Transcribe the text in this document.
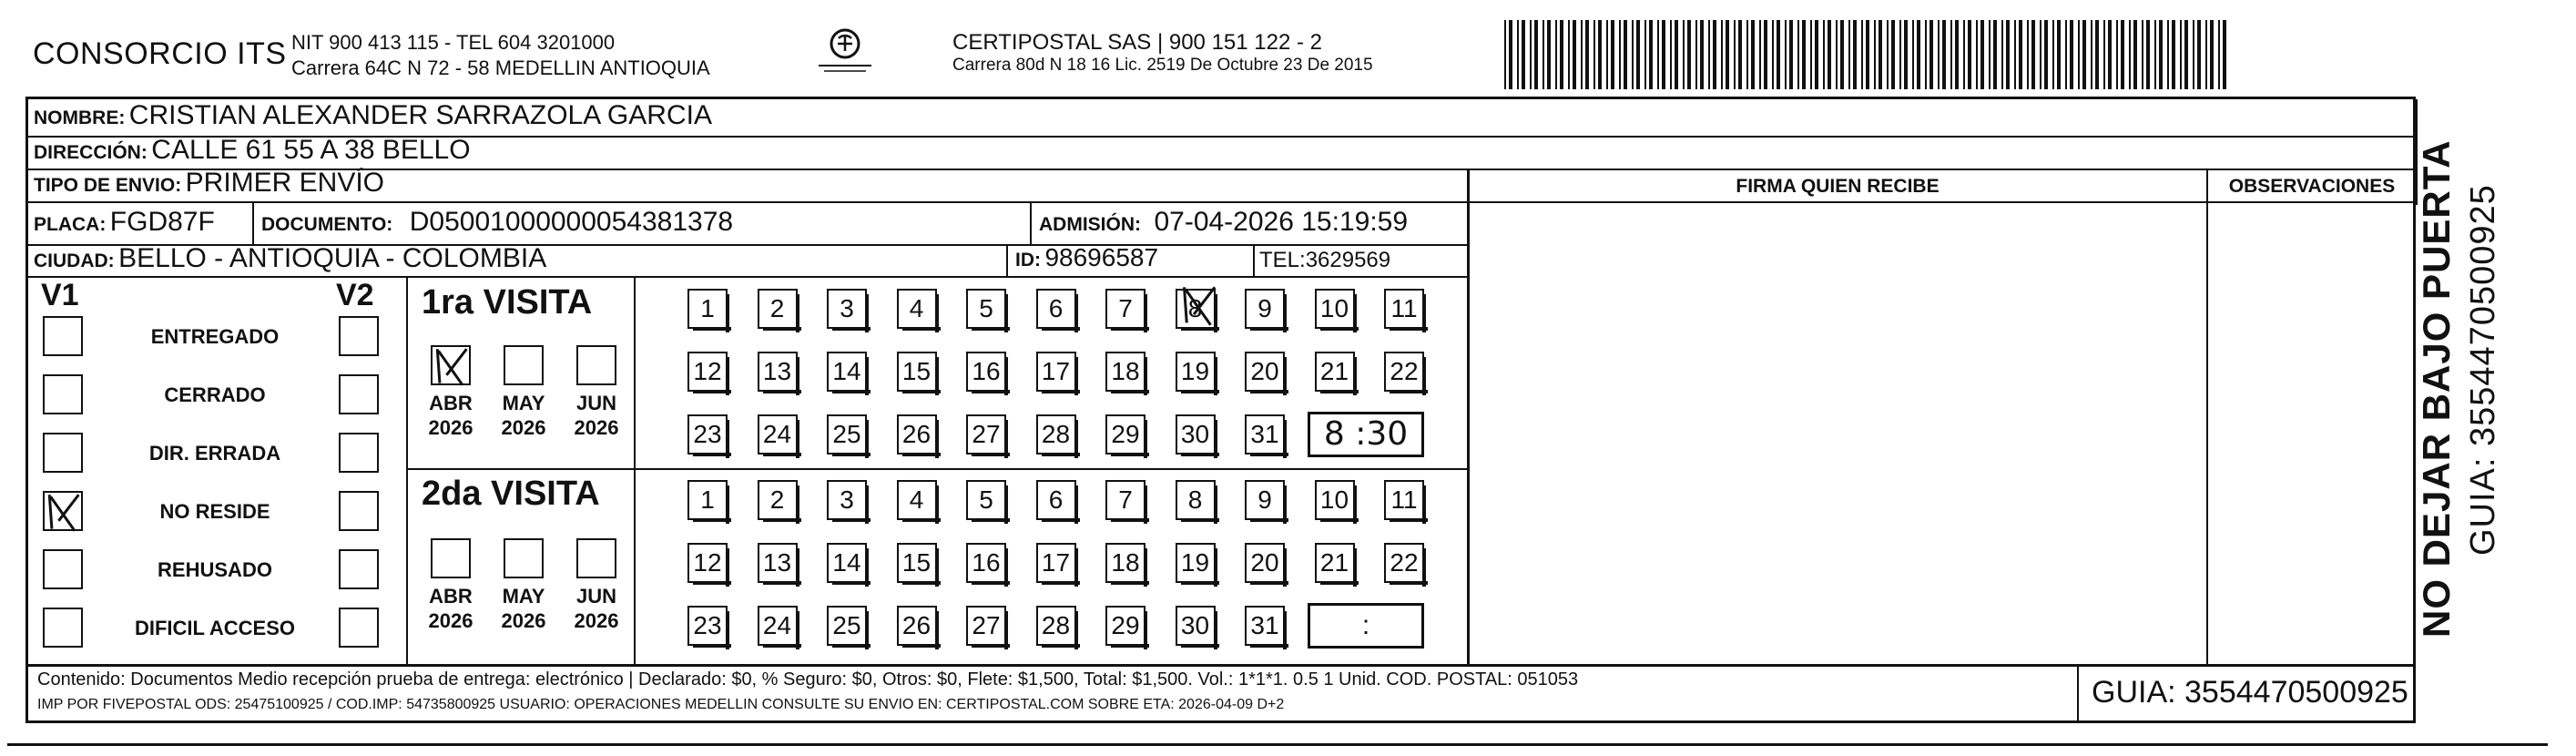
CONSORCIO ITS NIT 900 413 115 - TEL 604 3201000
Carrera 64C N 72 - 58 MEDELLIN ANTIOQUIA
CERTIPOSTAL SAS | 900 151 122 - 2
Carrera 80d N 18 16 Lic. 2519 De Octubre 23 De 2015
NOMBRE: CRISTIAN ALEXANDER SARRAZOLA GARCIA
DIRECCIÓN: CALLE 61 55 A 38 BELLO
TIPO DE ENVIO: PRIMER ENVÍO	FIRMA QUIEN RECIBE	OBSERVACIONES
PLACA: FGD87F DOCUMENTO: D05001000000054381378	ADMISIÓN: 07-04-2026 15:19:59
CIUDAD: BELLO - ANTIOQUIA - COLOMBIA	ID: 98696587	TEL:3629569
V1	V2
ENTREGADO
CERRADO
DIR. ERRADA
NO RESIDE
REHUSADO
DIFICIL ACCESO
1ra VISITA
ABR
2026
MAY
2026
JUN
2026
1	2	3	4	5	6	7	8	9	10 11
12 13 14 15 16 17 18 19 20 21 22
23 24 25 26 27 28 29 30 31	8 :30
2da VISITA
ABR
2026
MAY
2026
JUN
2026
1	2	3	4	5	6	7	8	9	10 11
12 13 14 15 16 17 18 19 20 21 22
23 24 25 26 27 28 29 30 31	:
Contenido: Documentos Medio recepción prueba de entrega: electrónico | Declarado: $0, % Seguro: $0, Otros: $0, Flete: $1,500, Total: $1,500. Vol.: 1*1*1. 0.5 1 Unid. COD. POSTAL: 051053
IMP POR FIVEPOSTAL ODS: 25475100925 / COD.IMP: 54735800925 USUARIO: OPERACIONES MEDELLIN CONSULTE SU ENVIO EN: CERTIPOSTAL.COM SOBRE ETA: 2026-04-09 D+2	GUIA: 3554470500925
NO DEJAR BAJO PUERTA GUIA: 3554470500925
